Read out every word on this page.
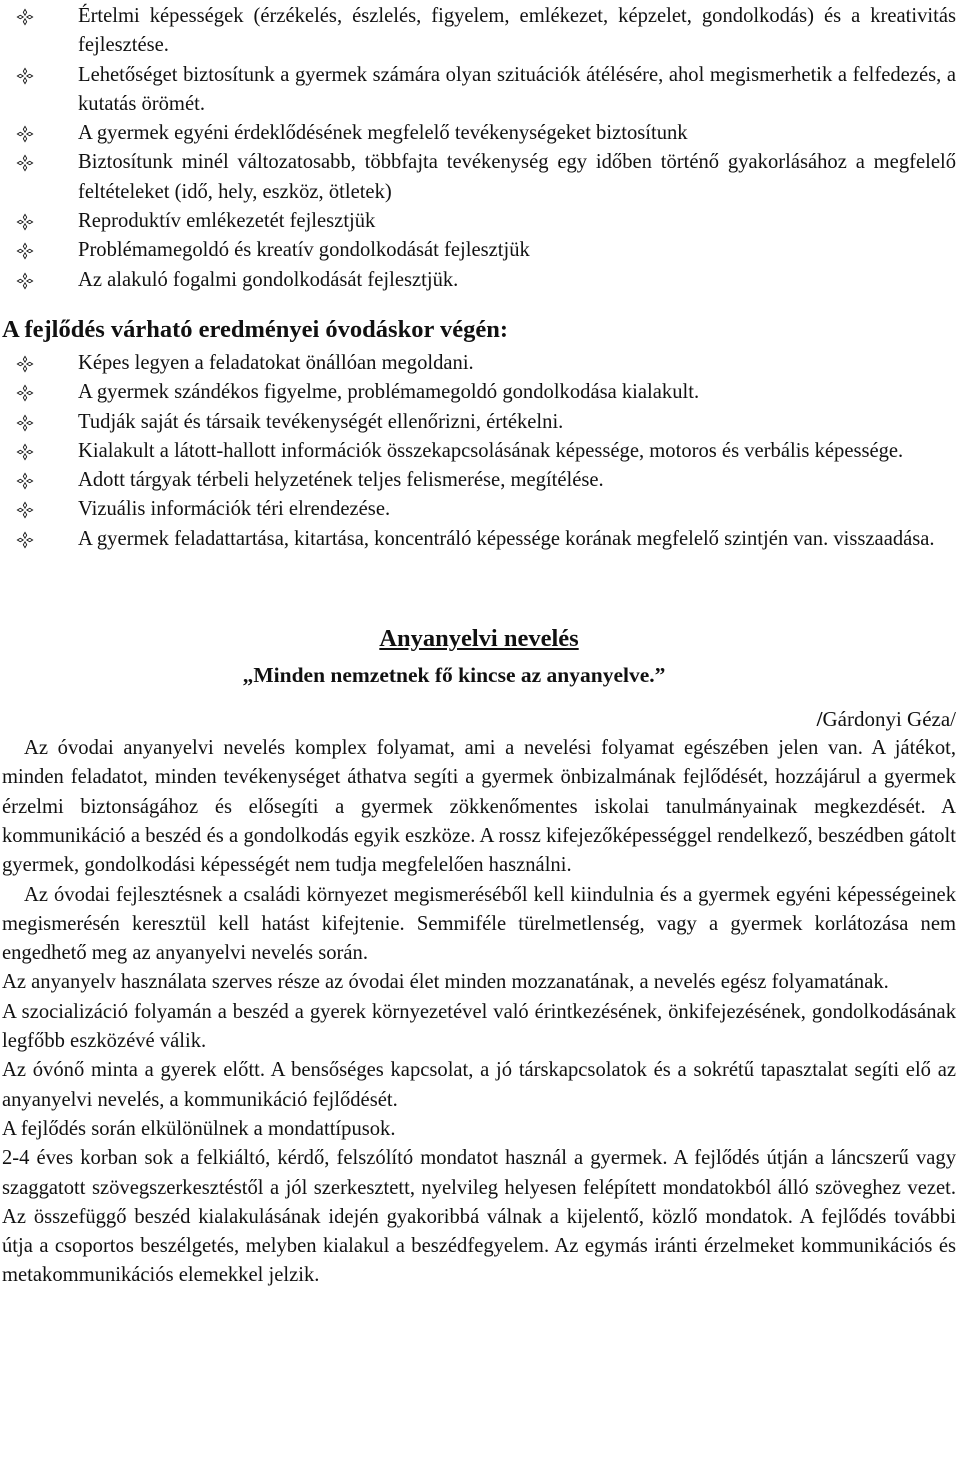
Értelmi képességek (érzékelés, észlelés, figyelem, emlékezet, képzelet, gondolkodás) és a kreativitás fejlesztése.
Lehetőséget biztosítunk a gyermek számára olyan szituációk átélésére, ahol megismerhetik a felfedezés, a kutatás örömét.
A gyermek egyéni érdeklődésének megfelelő tevékenységeket biztosítunk
Biztosítunk minél változatosabb, többfajta tevékenység egy időben történő gyakorlásához a megfelelő feltételeket (idő, hely, eszköz, ötletek)
Reproduktív emlékezetét fejlesztjük
Problémamegoldó és kreatív gondolkodását fejlesztjük
Az alakuló fogalmi gondolkodását fejlesztjük.
A fejlődés várható eredményei óvodáskor végén:
Képes legyen a feladatokat önállóan megoldani.
A gyermek szándékos figyelme, problémamegoldó gondolkodása kialakult.
Tudják saját és társaik tevékenységét ellenőrizni, értékelni.
Kialakult a látott-hallott információk összekapcsolásának képessége, motoros és verbális képessége.
Adott tárgyak térbeli helyzetének teljes felismerése, megítélése.
Vizuális információk téri elrendezése.
A gyermek feladattartása, kitartása, koncentráló képessége korának megfelelő szintjén van. visszaadása.
Anyanyelvi nevelés

„Minden nemzetnek fő kincse az anyanyelve.”

/Gárdonyi Géza/

Az óvodai anyanyelvi nevelés komplex folyamat, ami a nevelési folyamat egészében jelen van. A játékot, minden feladatot, minden tevékenységet áthatva segíti a gyermek önbizalmának fejlődését, hozzájárul a gyermek érzelmi biztonságához és elősegíti a gyermek zökkenőmentes iskolai tanulmányainak megkezdését. A kommunikáció a beszéd és a gondolkodás egyik eszköze. A rossz kifejezőképességgel rendelkező, beszédben gátolt gyermek, gondolkodási képességét nem tudja megfelelően használni.

Az óvodai fejlesztésnek a családi környezet megismeréséből kell kiindulnia és a gyermek egyéni képességeinek megismerésén keresztül kell hatást kifejtenie. Semmiféle türelmetlenség, vagy a gyermek korlátozása nem engedhető meg az anyanyelvi nevelés során.

Az anyanyelv használata szerves része az óvodai élet minden mozzanatának, a nevelés egész folyamatának.

A szocializáció folyamán a beszéd a gyerek környezetével való érintkezésének, önkifejezésének, gondolkodásának legfőbb eszközévé válik.

Az óvónő minta a gyerek előtt. A bensőséges kapcsolat, a jó társkapcsolatok és a sokrétű tapasztalat segíti elő az anyanyelvi nevelés, a kommunikáció fejlődését.

A fejlődés során elkülönülnek a mondattípusok.

2-4 éves korban sok a felkiáltó, kérdő, felszólító mondatot használ a gyermek. A fejlődés útján a láncszerű vagy szaggatott szövegszerkesztéstől a jól szerkesztett, nyelvileg helyesen felépített mondatokból álló szöveghez vezet. Az összefüggő beszéd kialakulásának idején gyakoribbá válnak a kijelentő, közlő mondatok. A fejlődés további útja a csoportos beszélgetés, melyben kialakul a beszédfegyelem. Az egymás iránti érzelmeket kommunikációs és metakommunikációs elemekkel jelzik.
